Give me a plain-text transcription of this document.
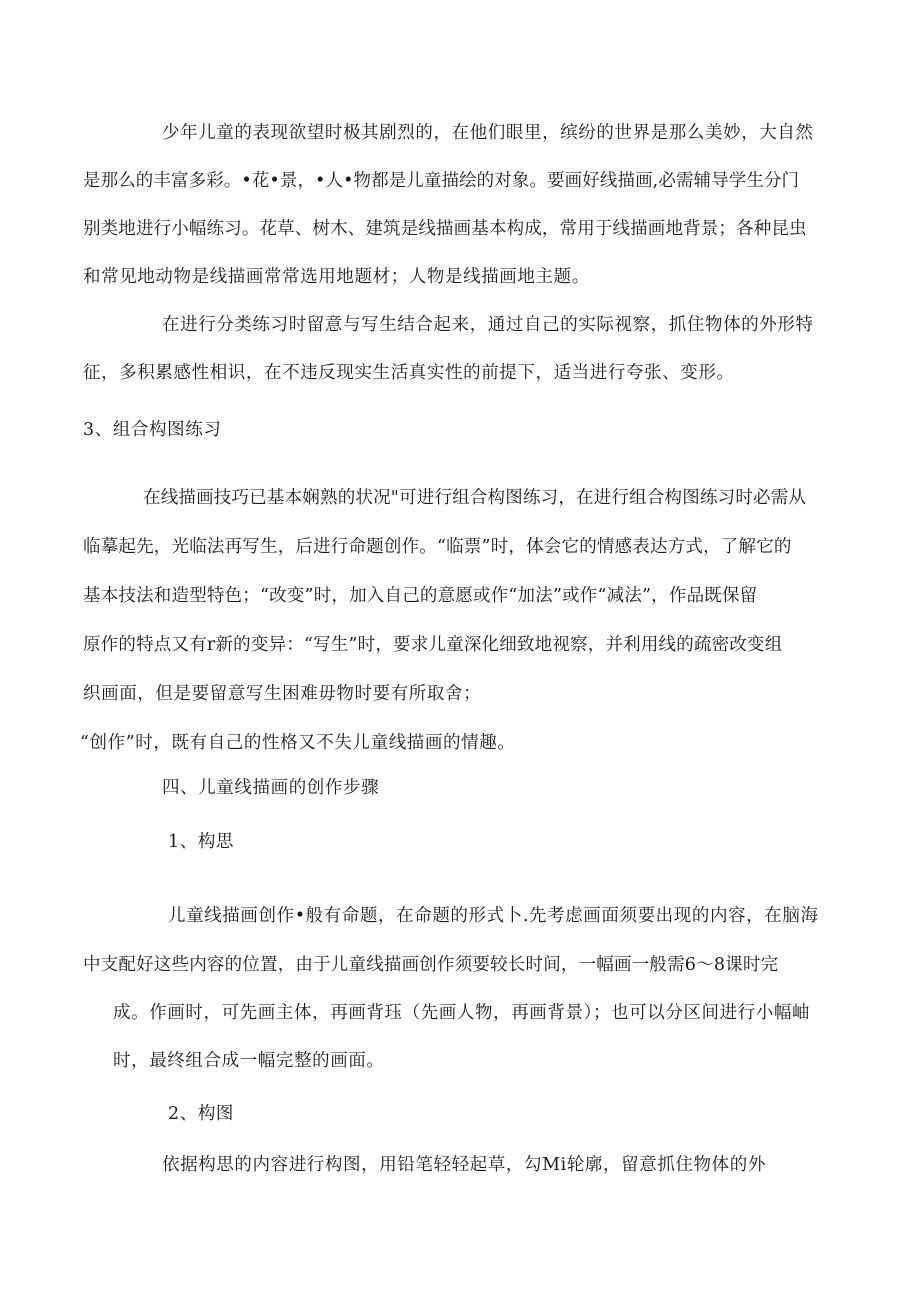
少年儿童的表现欲望时极其剧烈的，在他们眼里，缤纷的世界是那么美妙，大自然
是那么的丰富多彩。•花•景，•人•物都是儿童描绘的对象。要画好线描画,必需辅导学生分门
别类地进行小幅练习。花草、树木、建筑是线描画基本构成，常用于线描画地背景；各种昆虫
和常见地动物是线描画常常选用地题材；人物是线描画地主题。
在进行分类练习时留意与写生结合起来，通过自己的实际视察，抓住物体的外形特
征，多积累感性相识，在不违反现实生活真实性的前提下，适当进行夸张、变形。
3、组合构图练习
在线描画技巧已基本娴熟的状况"可进行组合构图练习，在进行组合构图练习时必需从
临摹起先，光临法再写生，后进行命题创作。“临票”时，体会它的情感表达方式，了解它的
基本技法和造型特色；“改变”时，加入自己的意愿或作“加法”或作“减法”，作品既保留
原作的特点又有r新的变异：“写生”时，要求儿童深化细致地视察，并利用线的疏密改变组
织画面，但是要留意写生困难毋物时要有所取舍；
“创作”时，既有自己的性格又不失儿童线描画的情趣。
四、儿童线描画的创作步骤
1、构思
儿童线描画创作•般有命题，在命题的形式卜.先考虑画面须要出现的内容，在脑海
中支配好这些内容的位置，由于儿童线描画创作须要较长时间，一幅画一般需6〜8课时完
成。作画时，可先画主体，再画背珏（先画人物，再画背景）；也可以分区间进行小幅岫
时，最终组合成一幅完整的画面。
2、构图
依据构思的内容进行构图，用铅笔轻轻起草，勾Mi轮廓，留意抓住物体的外
